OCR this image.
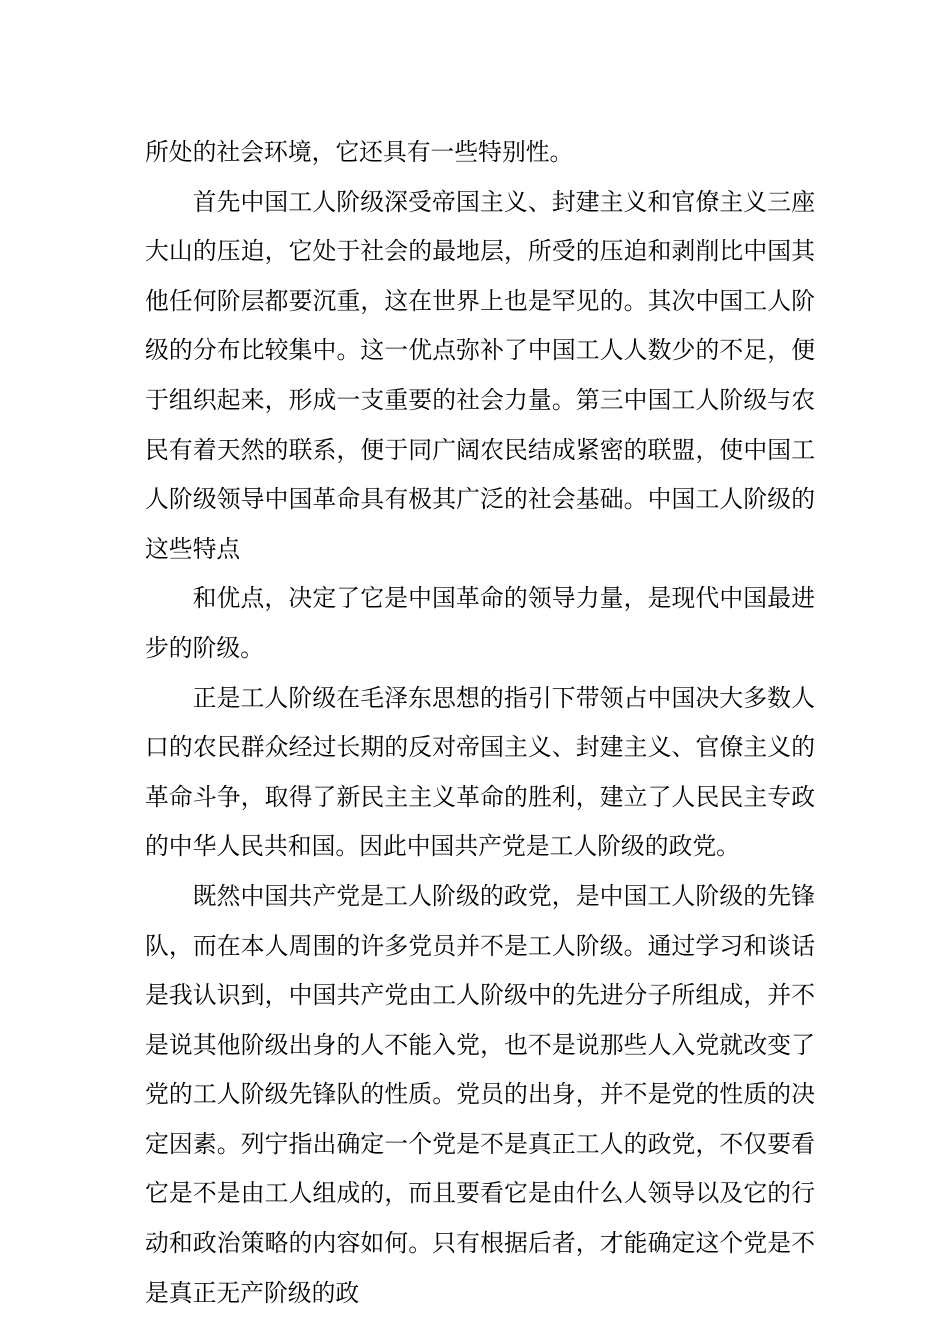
所处的社会环境，它还具有一些特别性。

首先中国工人阶级深受帝国主义、封建主义和官僚主义三座大山的压迫，它处于社会的最地层，所受的压迫和剥削比中国其他任何阶层都要沉重，这在世界上也是罕见的。其次中国工人阶级的分布比较集中。这一优点弥补了中国工人人数少的不足，便于组织起来，形成一支重要的社会力量。第三中国工人阶级与农民有着天然的联系，便于同广阔农民结成紧密的联盟，使中国工人阶级领导中国革命具有极其广泛的社会基础。中国工人阶级的这些特点

和优点，决定了它是中国革命的领导力量，是现代中国最进步的阶级。

正是工人阶级在毛泽东思想的指引下带领占中国决大多数人口的农民群众经过长期的反对帝国主义、封建主义、官僚主义的革命斗争，取得了新民主主义革命的胜利，建立了人民民主专政的中华人民共和国。因此中国共产党是工人阶级的政党。

既然中国共产党是工人阶级的政党，是中国工人阶级的先锋队，而在本人周围的许多党员并不是工人阶级。通过学习和谈话是我认识到，中国共产党由工人阶级中的先进分子所组成，并不是说其他阶级出身的人不能入党，也不是说那些人入党就改变了党的工人阶级先锋队的性质。党员的出身，并不是党的性质的决定因素。列宁指出确定一个党是不是真正工人的政党，不仅要看它是不是由工人组成的，而且要看它是由什么人领导以及它的行动和政治策略的内容如何。只有根据后者，才能确定这个党是不是真正无产阶级的政
